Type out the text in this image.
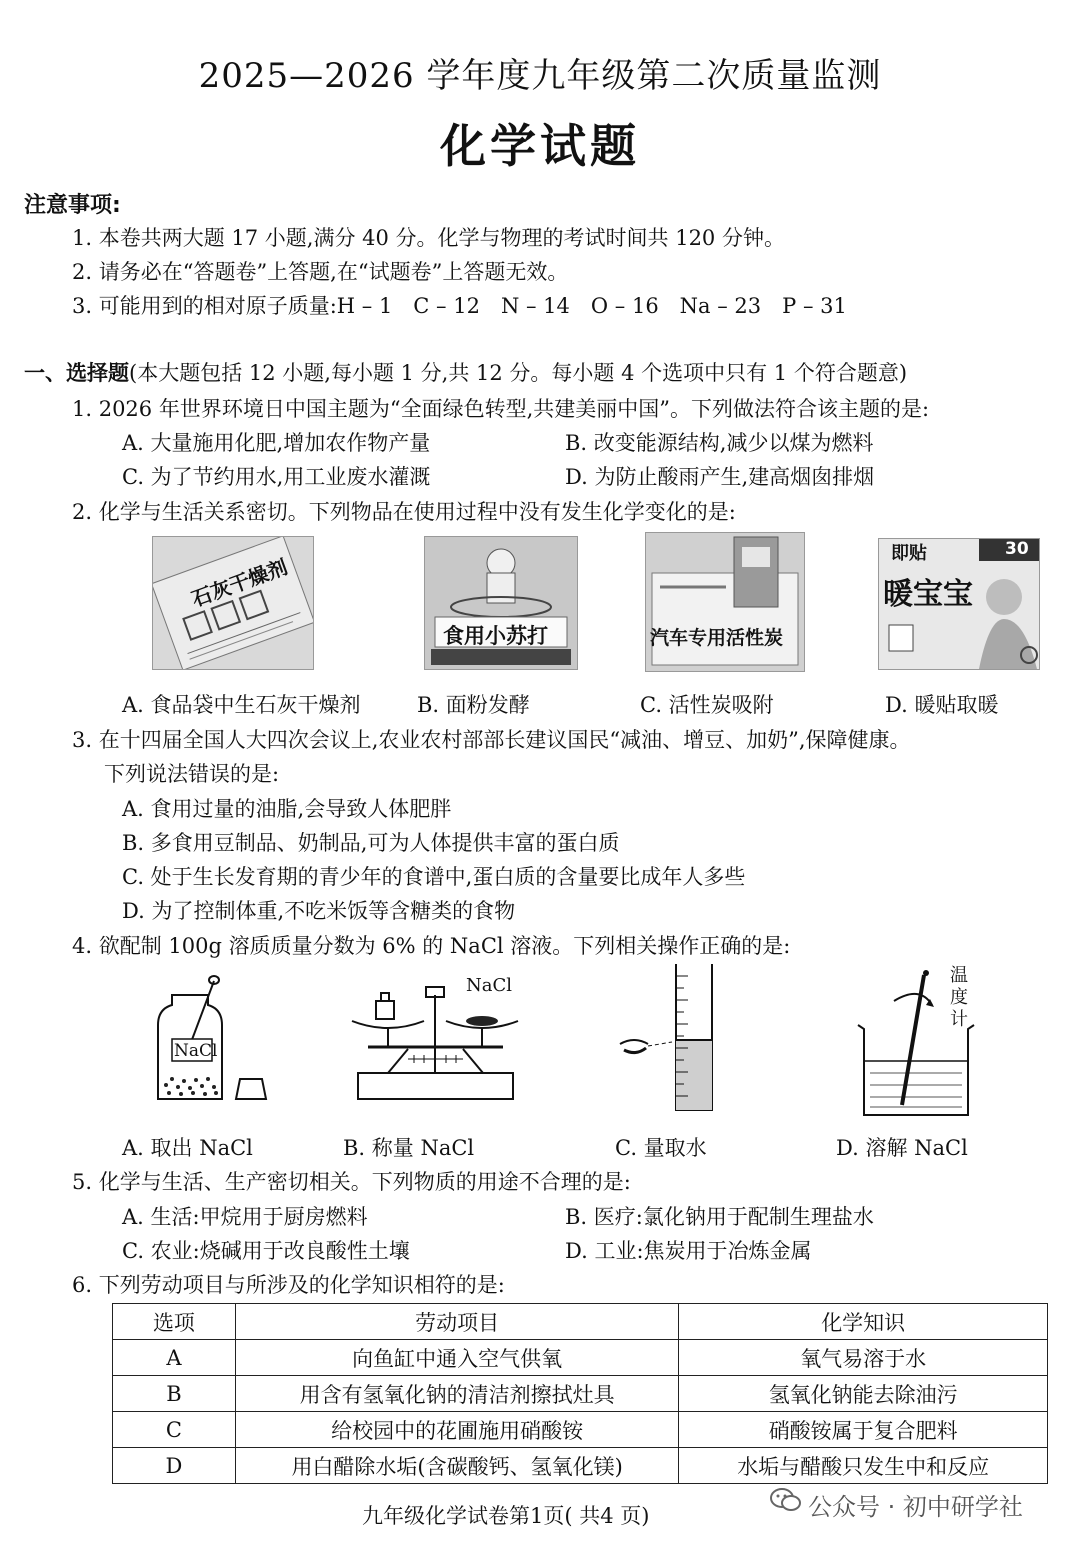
2025—2026 学年度九年级第二次质量监测
化学试题
注意事项:
1. 本卷共两大题 17 小题,满分 40 分。化学与物理的考试时间共 120 分钟。
2. 请务必在“答题卷”上答题,在“试题卷”上答题无效。
3. 可能用到的相对原子质量:H – 1　C – 12　N – 14　O – 16　Na – 23　P – 31
一、选择题(本大题包括 12 小题,每小题 1 分,共 12 分。每小题 4 个选项中只有 1 个符合题意)
1. 2026 年世界环境日中国主题为“全面绿色转型,共建美丽中国”。下列做法符合该主题的是:
A. 大量施用化肥,增加农作物产量	B. 改变能源结构,减少以煤为燃料
C. 为了节约用水,用工业废水灌溉	D. 为防止酸雨产生,建高烟囱排烟
2. 化学与生活关系密切。下列物品在使用过程中没有发生化学变化的是:
石灰干燥剂
食用小苏打	汽车专用活性炭
即贴	30
暖宝宝
A. 食品袋中生石灰干燥剂	B. 面粉发酵	C. 活性炭吸附	D. 暖贴取暖
3. 在十四届全国人大四次会议上,农业农村部部长建议国民“减油、增豆、加奶”,保障健康。
下列说法错误的是:
A. 食用过量的油脂,会导致人体肥胖
B. 多食用豆制品、奶制品,可为人体提供丰富的蛋白质
C. 处于生长发育期的青少年的食谱中,蛋白质的含量要比成年人多些
D. 为了控制体重,不吃米饭等含糖类的食物
4. 欲配制 100g 溶质质量分数为 6% 的 NaCl 溶液。下列相关操作正确的是:
NaCl
NaCl	温
度
计
A. 取出 NaCl	B. 称量 NaCl	C. 量取水	D. 溶解 NaCl
5. 化学与生活、生产密切相关。下列物质的用途不合理的是:
A. 生活:甲烷用于厨房燃料	B. 医疗:氯化钠用于配制生理盐水
C. 农业:烧碱用于改良酸性土壤	D. 工业:焦炭用于冶炼金属
6. 下列劳动项目与所涉及的化学知识相符的是:
选项	劳动项目	化学知识
A	向鱼缸中通入空气供氧	氧气易溶于水
B	用含有氢氧化钠的清洁剂擦拭灶具	氢氧化钠能去除油污
C	给校园中的花圃施用硝酸铵	硝酸铵属于复合肥料
D	用白醋除水垢(含碳酸钙、氢氧化镁)	水垢与醋酸只发生中和反应
九年级化学试卷第1页( 共4 页)	公众号 · 初中研学社
